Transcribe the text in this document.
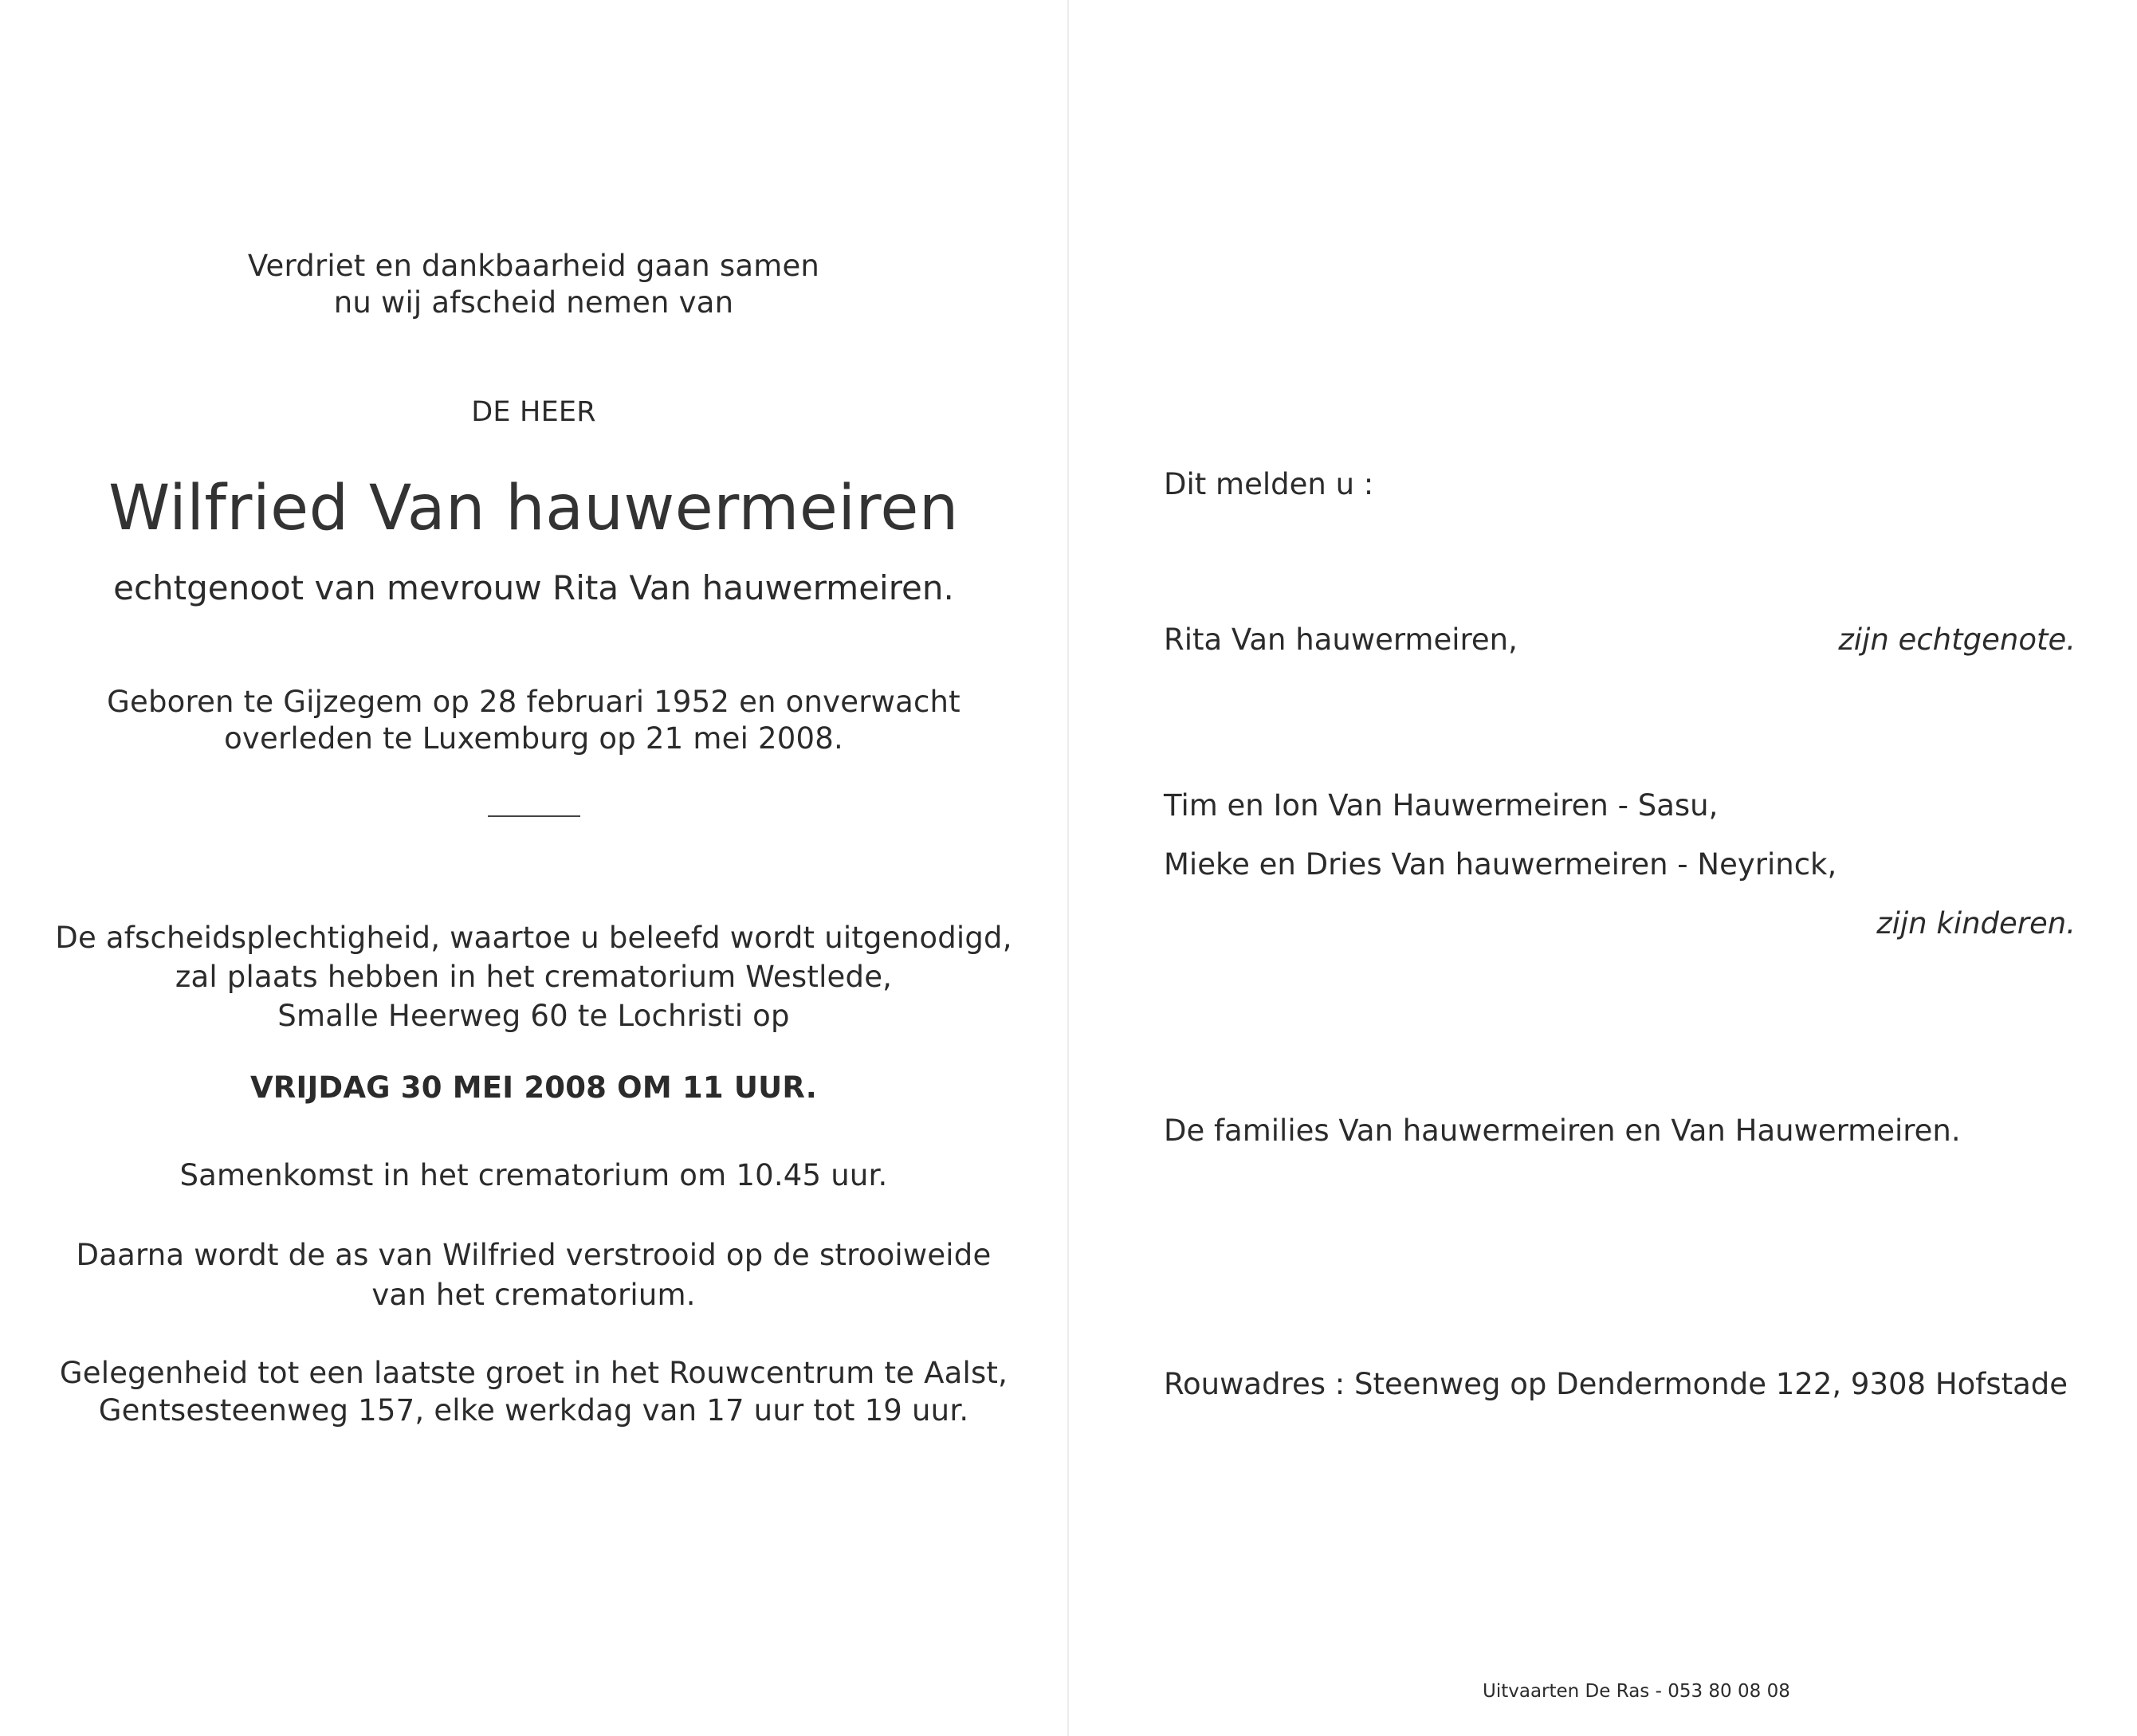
Verdriet en dankbaarheid gaan samen
nu wij afscheid nemen van
DE HEER
Wilfried Van hauwermeiren
echtgenoot van mevrouw Rita Van hauwermeiren.
Geboren te Gijzegem op 28 februari 1952 en onverwacht
overleden te Luxemburg op 21 mei 2008.
De afscheidsplechtigheid, waartoe u beleefd wordt uitgenodigd,
zal plaats hebben in het crematorium Westlede,
Smalle Heerweg 60 te Lochristi op
VRIJDAG 30 MEI 2008 OM 11 UUR.
Samenkomst in het crematorium om 10.45 uur.
Daarna wordt de as van Wilfried verstrooid op de strooiweide
van het crematorium.
Gelegenheid tot een laatste groet in het Rouwcentrum te Aalst,
Gentsesteenweg 157, elke werkdag van 17 uur tot 19 uur.
Dit melden u :
Rita Van hauwermeiren,	zijn echtgenote.
Tim en Ion Van Hauwermeiren - Sasu,
Mieke en Dries Van hauwermeiren - Neyrinck,
zijn kinderen.
De families Van hauwermeiren en Van Hauwermeiren.
Rouwadres : Steenweg op Dendermonde 122, 9308 Hofstade
Uitvaarten De Ras - 053 80 08 08
